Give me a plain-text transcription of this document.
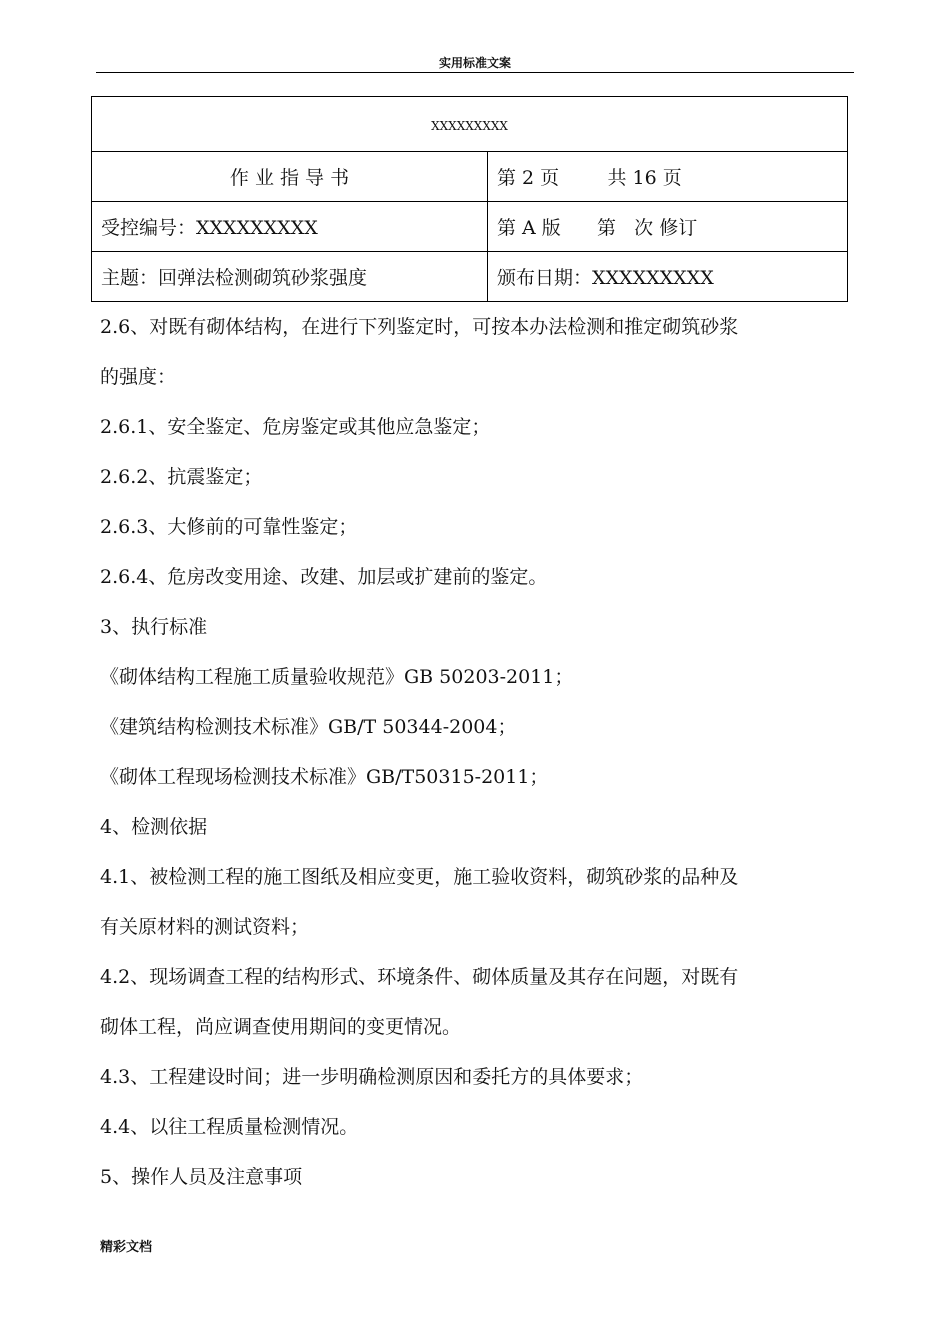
实用标准文案
XXXXXXXXX	
作 业 指 导 书	第 2 页        共 16 页
受控编号：XXXXXXXXX	第 A 版      第   次 修订
主题：回弹法检测砌筑砂浆强度	颁布日期：XXXXXXXXX

2.6、对既有砌体结构，在进行下列鉴定时，可按本办法检测和推定砌筑砂浆

的强度：

2.6.1、安全鉴定、危房鉴定或其他应急鉴定；

2.6.2、抗震鉴定；

2.6.3、大修前的可靠性鉴定；

2.6.4、危房改变用途、改建、加层或扩建前的鉴定。

3、执行标准

《砌体结构工程施工质量验收规范》GB 50203-2011；

《建筑结构检测技术标准》GB/T 50344-2004；

《砌体工程现场检测技术标准》GB/T50315-2011；

4、检测依据

4.1、被检测工程的施工图纸及相应变更，施工验收资料，砌筑砂浆的品种及

有关原材料的测试资料；

4.2、现场调查工程的结构形式、环境条件、砌体质量及其存在问题，对既有

砌体工程，尚应调查使用期间的变更情况。

4.3、工程建设时间；进一步明确检测原因和委托方的具体要求；

4.4、以往工程质量检测情况。

5、操作人员及注意事项

精彩文档
